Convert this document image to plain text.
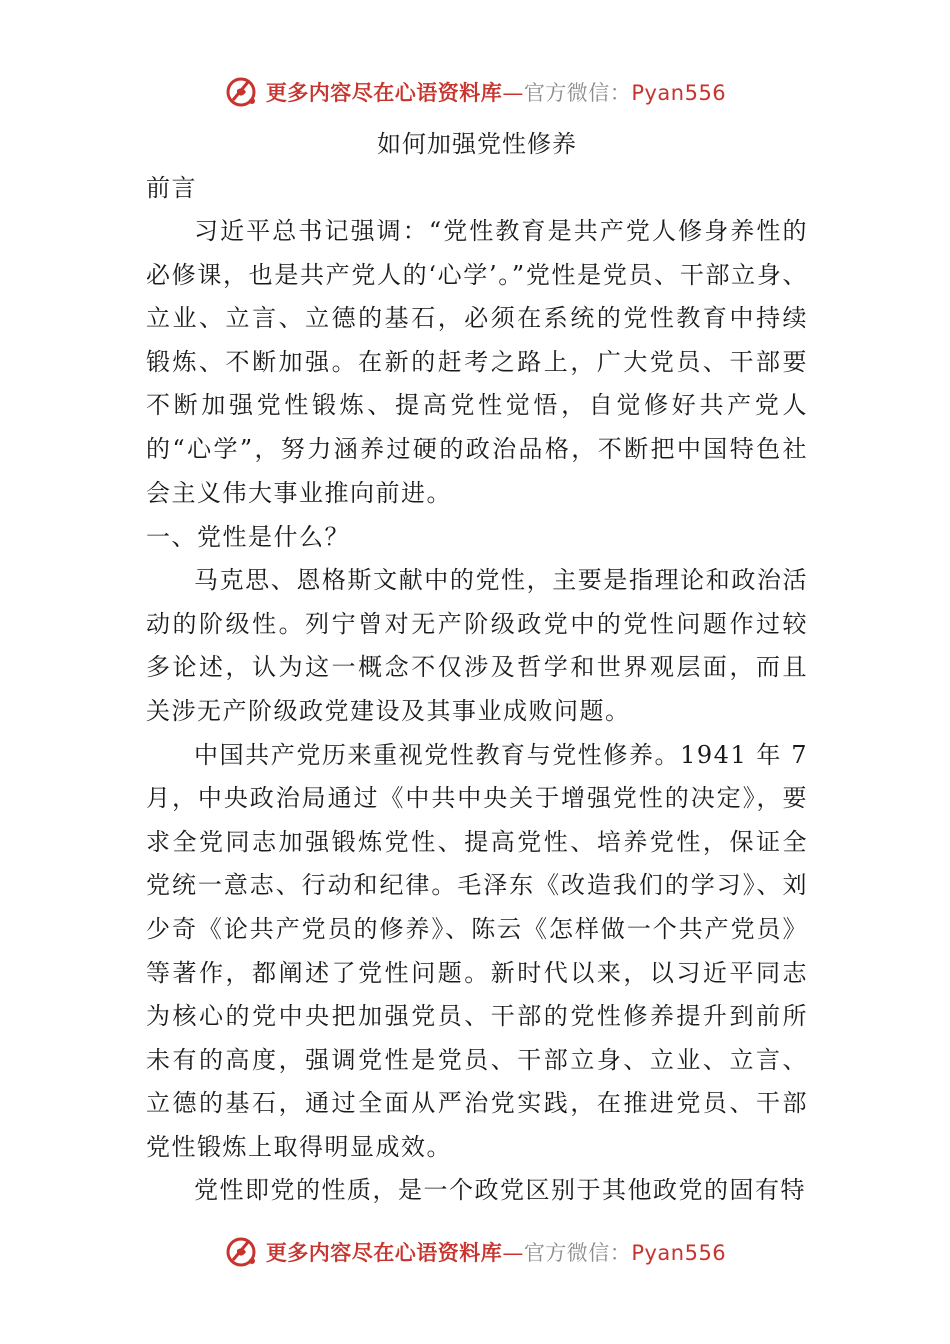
更多内容尽在心语资料库—官方微信：Pyan556
如何加强党性修养

前言

习近平总书记强调：“党性教育是共产党人修身养性的必修课，也是共产党人的‘心学’。”党性是党员、干部立身、立业、立言、立德的基石，必须在系统的党性教育中持续锻炼、不断加强。在新的赶考之路上，广大党员、干部要不断加强党性锻炼、提高党性觉悟，自觉修好共产党人的“心学”，努力涵养过硬的政治品格，不断把中国特色社会主义伟大事业推向前进。

一、党性是什么？

马克思、恩格斯文献中的党性，主要是指理论和政治活动的阶级性。列宁曾对无产阶级政党中的党性问题作过较多论述，认为这一概念不仅涉及哲学和世界观层面，而且关涉无产阶级政党建设及其事业成败问题。

中国共产党历来重视党性教育与党性修养。1941 年 7 月，中央政治局通过《中共中央关于增强党性的决定》，要求全党同志加强锻炼党性、提高党性、培养党性，保证全党统一意志、行动和纪律。毛泽东《改造我们的学习》、刘少奇《论共产党员的修养》、陈云《怎样做一个共产党员》等著作，都阐述了党性问题。新时代以来，以习近平同志为核心的党中央把加强党员、干部的党性修养提升到前所未有的高度，强调党性是党员、干部立身、立业、立言、立德的基石，通过全面从严治党实践，在推进党员、干部党性锻炼上取得明显成效。

党性即党的性质，是一个政党区别于其他政党的固有特

更多内容尽在心语资料库—官方微信：Pyan556
